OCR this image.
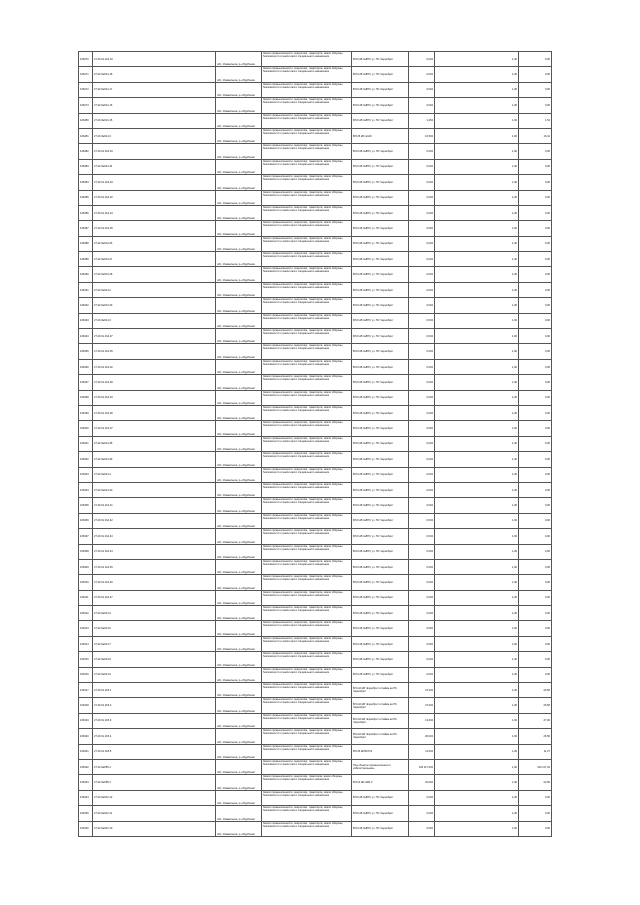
106270	27.20.01.014.10	обл. Измаильска, р-н Бурбонов	Земли промышленности, энергетики, транспорта, земли обороны, безопасности и земли иного специального назначения	ВЛ-6 кВ №8ПС уч. ПС Чернобрит	0,004	1,00	0,00
106271	27.20.0ж014.18	обл. Измаильска, р-н Бурбонов	Земли промышленности, энергетики, транспорта, земли обороны, безопасности и земли иного специального назначения	ВЛ-6 кВ №8ПС уч. ПС Чернобрит	0,004	1,00	0,00
106272	27.20.0ж014.17	обл. Измаильска, р-н Бурбонов	Земли промышленности, энергетики, транспорта, земли обороны, безопасности и земли иного специального назначения	ВЛ-6 кВ №8ПС уч. ПС Чернобрит	0,004	1,00	0,00
106273	27.20.0ж014.16	обл. Измаильска, р-н Бурбонов	Земли промышленности, энергетики, транспорта, земли обороны, безопасности и земли иного специального назначения	ВЛ-6 кВ №8ПС уч. ПС Чернобрит	0,004	1,00	0,00
106280	27.20.0ж014.15	обл. Измаильска, р-н Бурбонов	Земли промышленности, энергетики, транспорта, земли обороны, безопасности и земли иного специального назначения	ВЛ-6 кВ №8ПС уч. ПС Чернобрит	1,254	1,00	1,54
106281	27.20.0ж014.3	обл. Измаильска, р-н Бурбонов	Земли промышленности, энергетики, транспорта, земли обороны, безопасности и земли иного специального назначения	ВЛ-35 кВ №129	16,504	1,00	16,41
106282	27.20.01.014.33	обл. Измаильска, р-н Бурбонов	Земли промышленности, энергетики, транспорта, земли обороны, безопасности и земли иного специального назначения	ВЛ-6 кВ №8ПС уч. ПС Чернобрит	0,004	1,00	0,00
106283	27.20.0ж014.34	обл. Измаильска, р-н Бурбонов	Земли промышленности, энергетики, транспорта, земли обороны, безопасности и земли иного специального назначения	ВЛ-6 кВ №8ПС уч. ПС Чернобрит	0,004	1,00	0,00
106284	27.20.01.014.33	обл. Измаильска, р-н Бурбонов	Земли промышленности, энергетики, транспорта, земли обороны, безопасности и земли иного специального назначения	ВЛ-6 кВ №8ПС уч. ПС Чернобрит	0,004	1,00	0,00
106285	27.20.01.014.32	обл. Измаильска, р-н Бурбонов	Земли промышленности, энергетики, транспорта, земли обороны, безопасности и земли иного специального назначения	ВЛ-6 кВ №8ПС уч. ПС Чернобрит	0,004	1,00	0,00
106286	27.20.01.014.24	обл. Измаильска, р-н Бурбонов	Земли промышленности, энергетики, транспорта, земли обороны, безопасности и земли иного специального назначения	ВЛ-6 кВ №8ПС уч. ПС Чернобрит	0,004	1,00	0,00
106287	27.20.01.014.25	обл. Измаильска, р-н Бурбонов	Земли промышленности, энергетики, транспорта, земли обороны, безопасности и земли иного специального назначения	ВЛ-6 кВ №8ПС уч. ПС Чернобрит	0,004	1,00	0,00
106288	27.20.0ж014.26	обл. Измаильска, р-н Бурбонов	Земли промышленности, энергетики, транспорта, земли обороны, безопасности и земли иного специального назначения	ВЛ-6 кВ №8ПС уч. ПС Чернобрит	0,004	1,00	0,00
106289	27.20.0ж014.27	обл. Измаильска, р-н Бурбонов	Земли промышленности, энергетики, транспорта, земли обороны, безопасности и земли иного специального назначения	ВЛ-6 кВ №8ПС уч. ПС Чернобрит	0,004	1,00	0,00
106290	27.20.0ж014.28	обл. Измаильска, р-н Бурбонов	Земли промышленности, энергетики, транспорта, земли обороны, безопасности и земли иного специального назначения	ВЛ-6 кВ №8ПС уч. ПС Чернобрит	0,004	1,00	0,00
106291	27.20.0ж014.2	обл. Измаильска, р-н Бурбонов	Земли промышленности, энергетики, транспорта, земли обороны, безопасности и земли иного специального назначения	ВЛ-6 кВ №8ПС уч. ПС Чернобрит	0,004	1,00	0,00
106292	27.20.0ж014.29	обл. Измаильска, р-н Бурбонов	Земли промышленности, энергетики, транспорта, земли обороны, безопасности и земли иного специального назначения	ВЛ-6 кВ №8ПС уч. ПС Чернобрит	0,004	1,00	0,00
106293	27.20.0ж014.3	обл. Измаильска, р-н Бурбонов	Земли промышленности, энергетики, транспорта, земли обороны, безопасности и земли иного специального назначения	ВЛ-6 кВ №8ПС уч. ПС Чернобрит	0,004	1,00	0,00
106294	27.20.01.014.37	обл. Измаильска, р-н Бурбонов	Земли промышленности, энергетики, транспорта, земли обороны, безопасности и земли иного специального назначения	ВЛ-6 кВ №8ПС уч. ПС Чернобрит	0,004	1,00	0,00
106295	27.20.01.014.35	обл. Измаильска, р-н Бурбонов	Земли промышленности, энергетики, транспорта, земли обороны, безопасности и земли иного специального назначения	ВЛ-6 кВ №8ПС уч. ПС Чернобрит	0,004	1,00	0,00
106296	27.20.01.014.32	обл. Измаильска, р-н Бурбонов	Земли промышленности, энергетики, транспорта, земли обороны, безопасности и земли иного специального назначения	ВЛ-6 кВ №8ПС уч. ПС Чернобрит	0,004	1,00	0,00
106297	27.20.01.014.39	обл. Измаильска, р-н Бурбонов	Земли промышленности, энергетики, транспорта, земли обороны, безопасности и земли иного специального назначения	ВЛ-6 кВ №8ПС уч. ПС Чернобрит	0,004	1,00	0,00
106298	27.20.01.014.33	обл. Измаильска, р-н Бурбонов	Земли промышленности, энергетики, транспорта, земли обороны, безопасности и земли иного специального назначения	ВЛ-6 кВ №8ПС уч. ПС Чернобрит	0,004	1,00	0,00
106299	27.20.01.014.36	обл. Измаильска, р-н Бурбонов	Земли промышленности, энергетики, транспорта, земли обороны, безопасности и земли иного специального назначения	ВЛ-6 кВ №8ПС уч. ПС Чернобрит	0,004	1,00	0,00
106300	27.20.01.014.37	обл. Измаильска, р-н Бурбонов	Земли промышленности, энергетики, транспорта, земли обороны, безопасности и земли иного специального назначения	ВЛ-6 кВ №8ПС уч. ПС Чернобрит	0,004	1,00	0,00
106301	27.20.0ж014.38	обл. Измаильска, р-н Бурбонов	Земли промышленности, энергетики, транспорта, земли обороны, безопасности и земли иного специального назначения	ВЛ-6 кВ №8ПС уч. ПС Чернобрит	0,004	1,00	0,00
106302	27.20.0ж014.39	обл. Измаильска, р-н Бурбонов	Земли промышленности, энергетики, транспорта, земли обороны, безопасности и земли иного специального назначения	ВЛ-6 кВ №8ПС уч. ПС Чернобрит	0,004	1,00	0,00
106303	27.20.0ж014.4	обл. Измаильска, р-н Бурбонов	Земли промышленности, энергетики, транспорта, земли обороны, безопасности и земли иного специального назначения	ВЛ-6 кВ №8ПС уч. ПС Чернобрит	0,004	1,00	0,00
106304	27.20.0ж014.40	обл. Измаильска, р-н Бурбонов	Земли промышленности, энергетики, транспорта, земли обороны, безопасности и земли иного специального назначения	ВЛ-6 кВ №8ПС уч. ПС Чернобрит	0,004	1,00	0,00
106305	27.20.01.014.41	обл. Измаильска, р-н Бурбонов	Земли промышленности, энергетики, транспорта, земли обороны, безопасности и земли иного специального назначения	ВЛ-6 кВ №8ПС уч. ПС Чернобрит	0,004	1,00	0,00
106306	27.20.01.014.42	обл. Измаильска, р-н Бурбонов	Земли промышленности, энергетики, транспорта, земли обороны, безопасности и земли иного специального назначения	ВЛ-6 кВ №8ПС уч. ПС Чернобрит	0,004	1,00	0,00
106307	27.20.01.014.43	обл. Измаильска, р-н Бурбонов	Земли промышленности, энергетики, транспорта, земли обороны, безопасности и земли иного специального назначения	ВЛ-6 кВ №8ПС уч. ПС Чернобрит	0,004	1,00	0,00
106308	27.20.01.014.44	обл. Измаильска, р-н Бурбонов	Земли промышленности, энергетики, транспорта, земли обороны, безопасности и земли иного специального назначения	ВЛ-6 кВ №8ПС уч. ПС Чернобрит	0,004	1,00	0,00
106309	27.20.01.014.45	обл. Измаильска, р-н Бурбонов	Земли промышленности, энергетики, транспорта, земли обороны, безопасности и земли иного специального назначения	ВЛ-6 кВ №8ПС уч. ПС Чернобрит	0,004	1,00	0,00
106310	27.20.01.014.46	обл. Измаильска, р-н Бурбонов	Земли промышленности, энергетики, транспорта, земли обороны, безопасности и земли иного специального назначения	ВЛ-6 кВ №8ПС уч. ПС Чернобрит	0,004	1,00	0,00
106311	27.20.01.014.47	обл. Измаильска, р-н Бурбонов	Земли промышленности, энергетики, транспорта, земли обороны, безопасности и земли иного специального назначения	ВЛ-6 кВ №8ПС уч. ПС Чернобрит	0,004	1,00	0,00
106312	27.20.0ж014.5	обл. Измаильска, р-н Бурбонов	Земли промышленности, энергетики, транспорта, земли обороны, безопасности и земли иного специального назначения	ВЛ-6 кВ №8ПС уч. ПС Чернобрит	0,004	1,00	0,00
106313	27.20.0ж014.6	обл. Измаильска, р-н Бурбонов	Земли промышленности, энергетики, транспорта, земли обороны, безопасности и земли иного специального назначения	ВЛ-6 кВ №8ПС уч. ПС Чернобрит	0,004	1,00	0,00
106314	27.20.0ж014.7	обл. Измаильска, р-н Бурбонов	Земли промышленности, энергетики, транспорта, земли обороны, безопасности и земли иного специального назначения	ВЛ-6 кВ №8ПС уч. ПС Чернобрит	0,004	1,00	0,00
106315	27.20.0ж014.8	обл. Измаильска, р-н Бурбонов	Земли промышленности, энергетики, транспорта, земли обороны, безопасности и земли иного специального назначения	ВЛ-6 кВ №8ПС уч. ПС Чернобрит	0,004	1,00	0,00
106316	27.20.0ж014.9	обл. Измаильска, р-н Бурбонов	Земли промышленности, энергетики, транспорта, земли обороны, безопасности и земли иного специального назначения	ВЛ-6 кВ №8ПС уч. ПС Чернобрит	0,004	1,00	0,00
106317	27.20.01.015.1	обл. Измаильска, р-н Бурбонов	Земли промышленности, энергетики, транспорта, земли обороны, безопасности и земли иного специального назначения	ВЛ-110 кВ Чернобрит отпайка на ПС Чернобрит	27,004	1,00	26,50
106318	27.20.01.015.2	обл. Измаильска, р-н Бурбонов	Земли промышленности, энергетики, транспорта, земли обороны, безопасности и земли иного специального назначения	ВЛ-110 кВ Чернобрит отпайка на ПС Чернобрит	27,004	1,00	26,50
106319	27.20.01.015.3	обл. Измаильска, р-н Бурбонов	Земли промышленности, энергетики, транспорта, земли обороны, безопасности и земли иного специального назначения	ВЛ-110 кВ Чернобрит отпайка на ПС Чернобрит	13,004	1,00	27,00
106320	27.20.01.015.4	обл. Измаильска, р-н Бурбонов	Земли промышленности, энергетики, транспорта, земли обороны, безопасности и земли иного специального назначения	ВЛ-110 кВ Чернобрит отпайка на ПС Чернобрит	26,004	1,00	26,50
106321	27.20.01.015.5	обл. Измаильска, р-н Бурбонов	Земли промышленности, энергетики, транспорта, земли обороны, безопасности и земли иного специального назначения	ВЛ-35 кВ ВКТ10	11,004	1,00	11,27
106322	27.20.0ж055.1	обл. Измаильска, р-н Бурбонов	Земли промышленности, энергетики, транспорта, земли обороны, безопасности и земли иного специального назначения	Под объекты промышленности «Магистральная»	109 117,004	1,00	109 117,34
106323	27.20.0ж055.1	обл. Измаильска, р-н Бурбонов	Земли промышленности, энергетики, транспорta, земли обороны, безопасности и земли иного специального назначения	ВЛ-10 кВ №82-У	22,004	1,00	22,60
106324	27.20.0ж012.12	обл. Измаильска, р-н Бурбонов	Земли промышленности, энергетики, транспорта, земли обороны, безопасности и земли иного специального назначения	ВЛ-6 кВ №8ПС уч. ПС Чернобрит	0,004	1,00	0,00
106325	27.20.0ж012.11	обл. Измаильска, р-н Бурбонов	Земли промышленности, энергетики, транспорта, земли обороны, безопасности и земли иного специального назначения	ВЛ-6 кВ №8ПС уч. ПС Чернобрит	0,004	1,00	0,00
106326	27.20.0ж012.10	обл. Измаильска, р-н Бурбонов	Земли промышленности, энергетики, транспорта, земли обороны, безопасности и земли иного специального назначения	ВЛ-6 кВ №8ПС уч. ПС Чернобрит	0,004	1,00	0,00
